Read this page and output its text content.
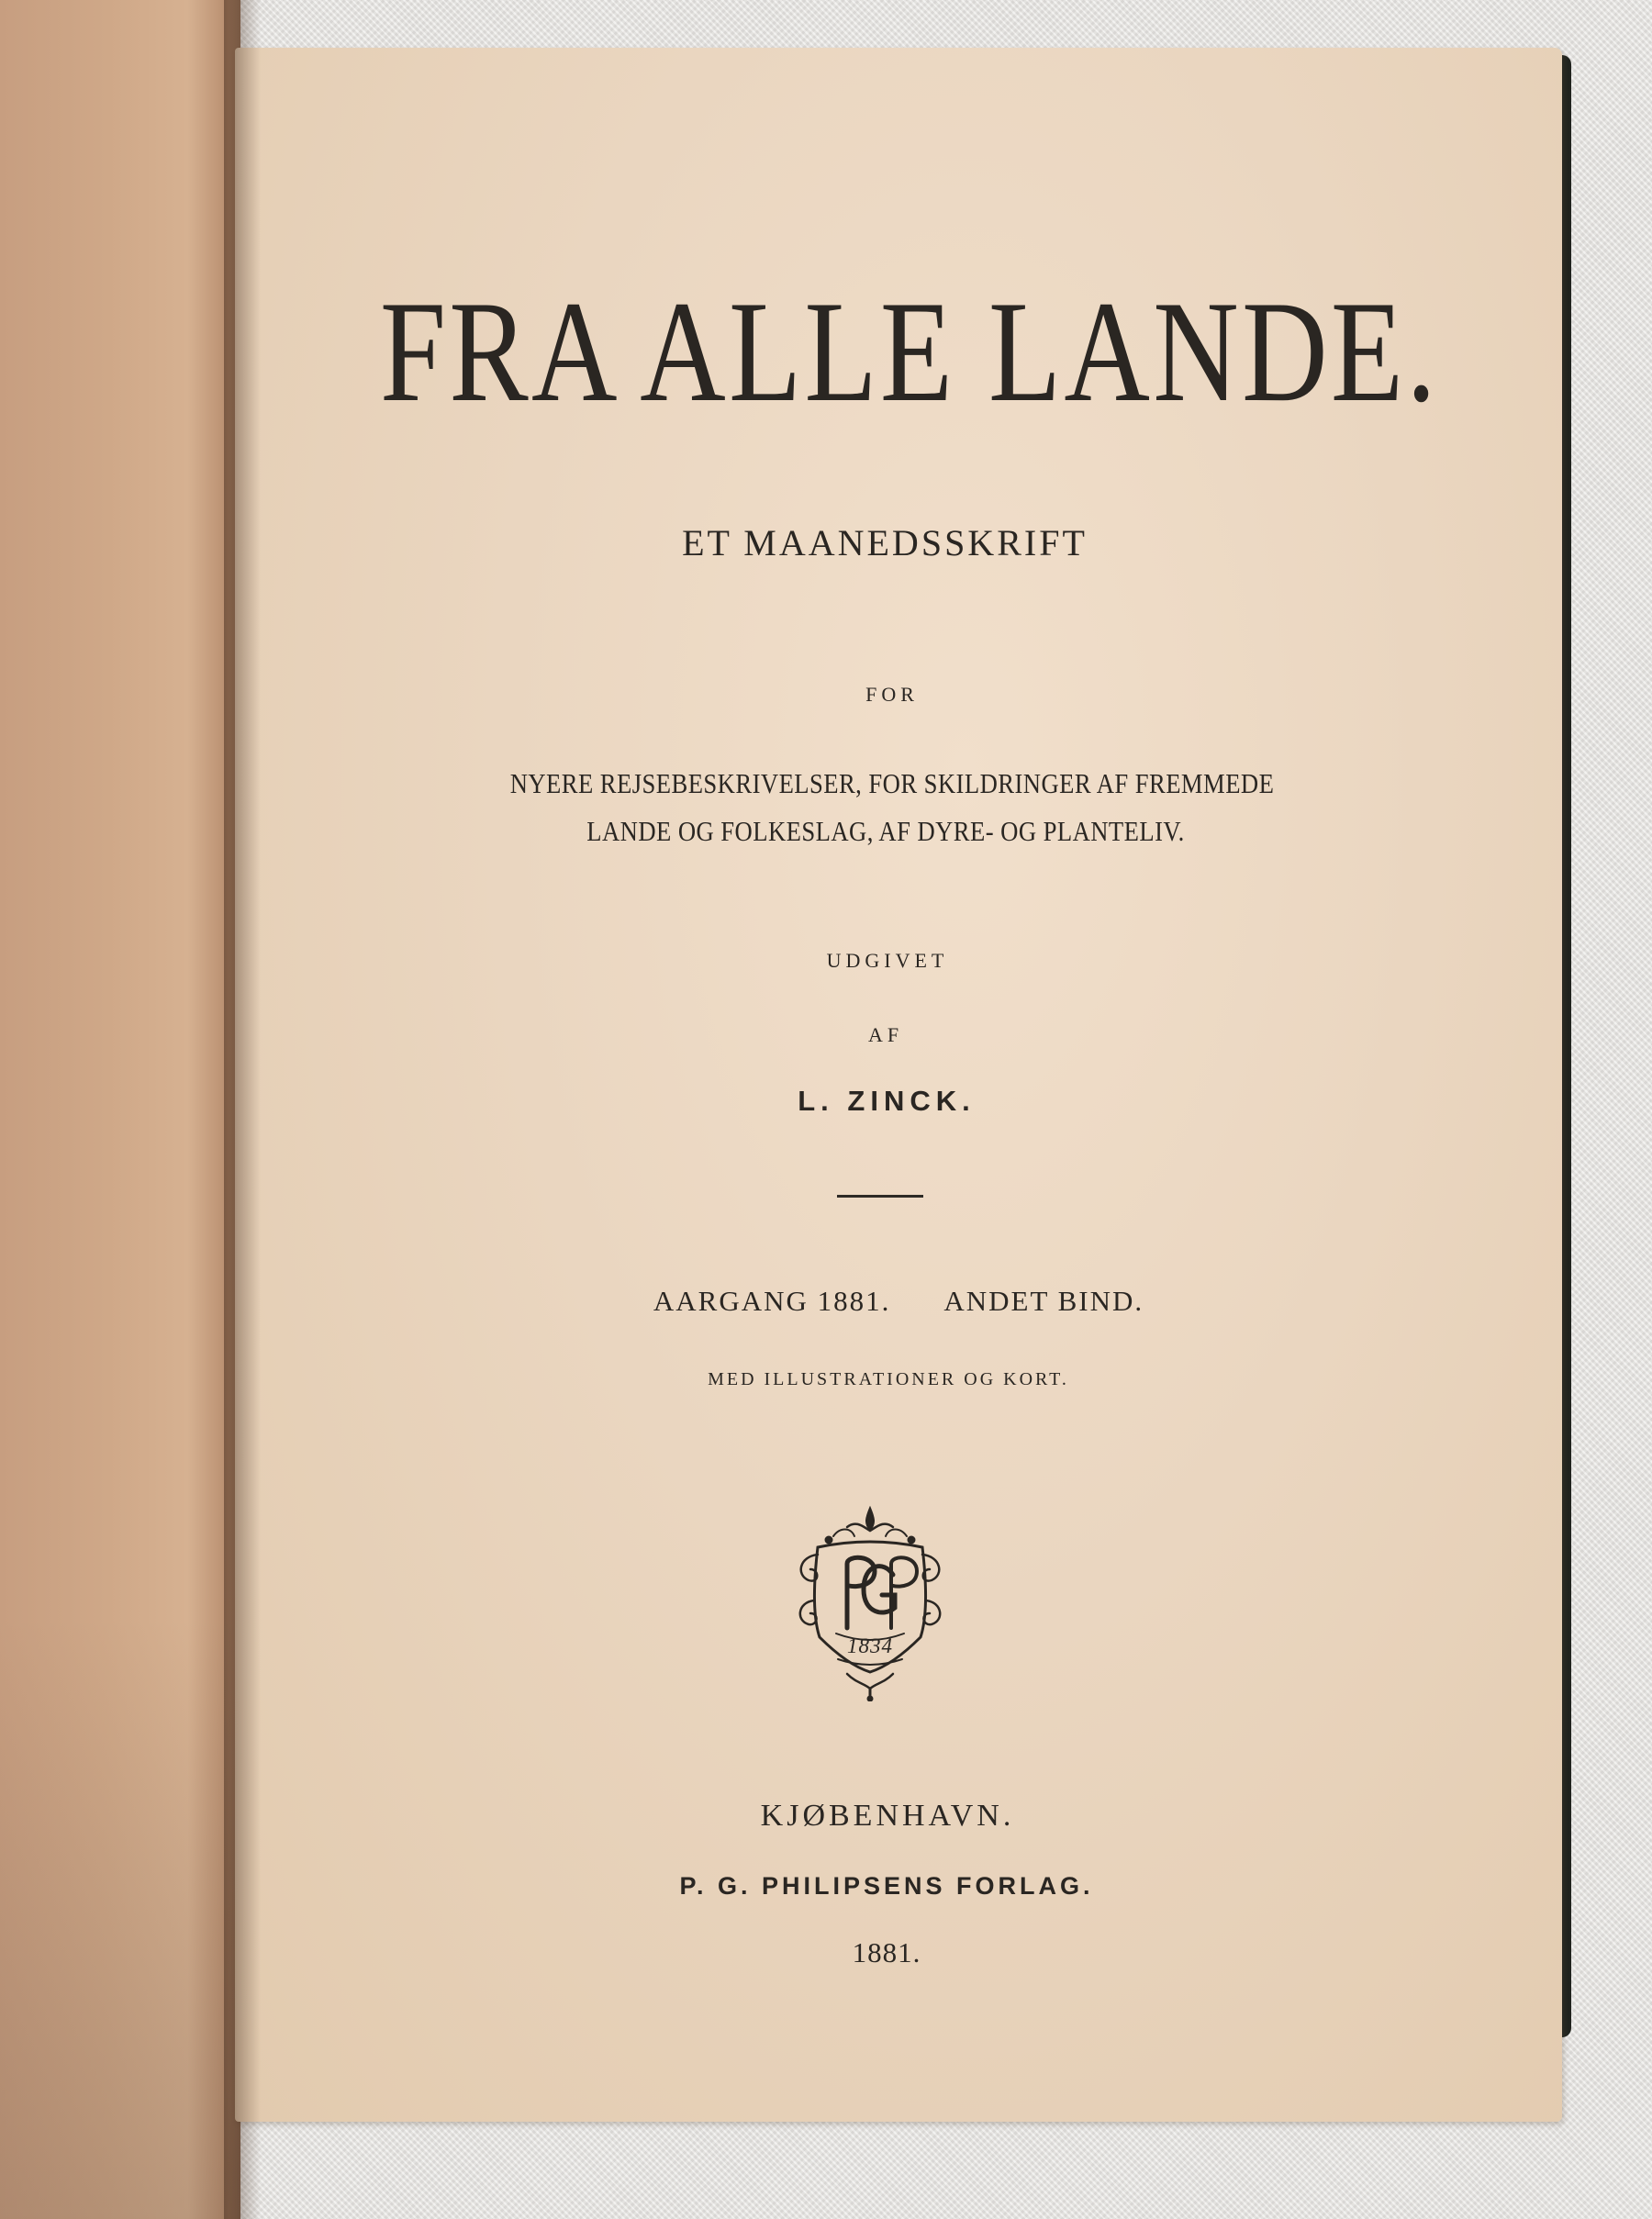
FRA ALLE LANDE.
ET MAANEDSSKRIFT
FOR
NYERE REJSEBESKRIVELSER, FOR SKILDRINGER AF FREMMEDE
LANDE OG FOLKESLAG, AF DYRE- OG PLANTELIV.
UDGIVET
AF
L. ZINCK.
AARGANG 1881. ANDET BIND.
MED ILLUSTRATIONER OG KORT.
1834
KJØBENHAVN.
P. G. PHILIPSENS FORLAG.
1881.
